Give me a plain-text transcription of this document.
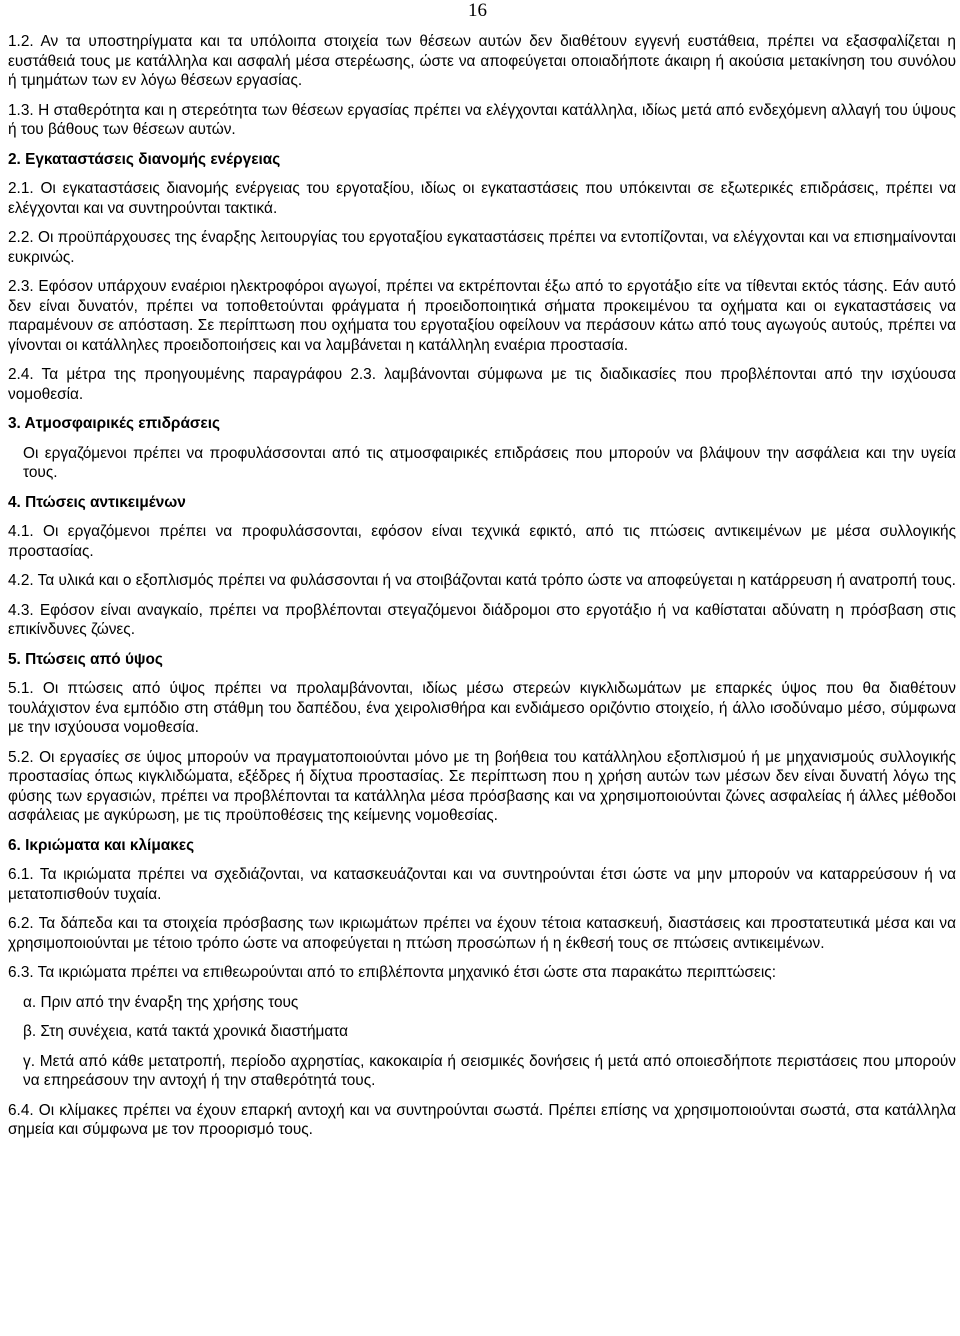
16
1.2. Αν τα υποστηρίγματα και τα υπόλοιπα στοιχεία των θέσεων αυτών δεν διαθέτουν εγγενή ευστάθεια, πρέπει να εξασφαλίζεται η ευστάθειά τους με κατάλληλα και ασφαλή μέσα στερέωσης, ώστε να αποφεύγεται οποιαδήποτε άκαιρη ή ακούσια μετακίνηση του συνόλου ή τμημάτων των εν λόγω θέσεων εργασίας.
1.3. Η σταθερότητα και η στερεότητα των θέσεων εργασίας πρέπει να ελέγχονται κατάλληλα, ιδίως μετά από ενδεχόμενη αλλαγή του ύψους ή του βάθους των θέσεων αυτών.
2. Εγκαταστάσεις διανομής ενέργειας
2.1. Οι εγκαταστάσεις διανομής ενέργειας του εργοταξίου, ιδίως οι εγκαταστάσεις που υπόκεινται σε εξωτερικές επιδράσεις, πρέπει να ελέγχονται και να συντηρούνται τακτικά.
2.2. Οι προϋπάρχουσες της έναρξης λειτουργίας του εργοταξίου εγκαταστάσεις πρέπει να εντοπίζονται, να ελέγχονται και να επισημαίνονται ευκρινώς.
2.3. Εφόσον υπάρχουν εναέριοι ηλεκτροφόροι αγωγοί, πρέπει να εκτρέπονται έξω από το εργοτάξιο είτε να τίθενται εκτός τάσης. Εάν αυτό δεν είναι δυνατόν, πρέπει να τοποθετούνται φράγματα ή προειδοποιητικά σήματα προκειμένου τα οχήματα και οι εγκαταστάσεις να παραμένουν σε απόσταση. Σε περίπτωση που οχήματα του εργοταξίου οφείλουν να περάσουν κάτω από τους αγωγούς αυτούς, πρέπει να γίνονται οι κατάλληλες προειδοποιήσεις και να λαμβάνεται η κατάλληλη εναέρια προστασία.
2.4. Τα μέτρα της προηγουμένης παραγράφου 2.3. λαμβάνονται σύμφωνα με τις διαδικασίες που προβλέπονται από την ισχύουσα νομοθεσία.
3. Ατμοσφαιρικές επιδράσεις
Οι εργαζόμενοι πρέπει να προφυλάσσονται από τις ατμοσφαιρικές επιδράσεις που μπορούν να βλάψουν την ασφάλεια και την υγεία τους.
4. Πτώσεις αντικειμένων
4.1. Οι εργαζόμενοι πρέπει να προφυλάσσονται, εφόσον είναι τεχνικά εφικτό, από τις πτώσεις αντικειμένων με μέσα συλλογικής προστασίας.
4.2. Τα υλικά και ο εξοπλισμός πρέπει να φυλάσσονται ή να στοιβάζονται κατά τρόπο ώστε να αποφεύγεται η κατάρρευση ή ανατροπή τους.
4.3. Εφόσον είναι αναγκαίο, πρέπει να προβλέπονται στεγαζόμενοι διάδρομοι στο εργοτάξιο ή να καθίσταται αδύνατη η πρόσβαση στις επικίνδυνες ζώνες.
5. Πτώσεις από ύψος
5.1. Οι πτώσεις από ύψος πρέπει να προλαμβάνονται, ιδίως μέσω στερεών κιγκλιδωμάτων με επαρκές ύψος που θα διαθέτουν τουλάχιστον ένα εμπόδιο στη στάθμη του δαπέδου, ένα χειρολισθήρα και ενδιάμεσο οριζόντιο στοιχείο, ή άλλο ισοδύναμο μέσο, σύμφωνα με την ισχύουσα νομοθεσία.
5.2. Οι εργασίες σε ύψος μπορούν να πραγματοποιούνται μόνο με τη βοήθεια του κατάλληλου εξοπλισμού ή με μηχανισμούς συλλογικής προστασίας όπως κιγκλιδώματα, εξέδρες ή δίχτυα προστασίας. Σε περίπτωση που η χρήση αυτών των μέσων δεν είναι δυνατή λόγω της φύσης των εργασιών, πρέπει να προβλέπονται τα κατάλληλα μέσα πρόσβασης και να χρησιμοποιούνται ζώνες ασφαλείας ή άλλες μέθοδοι ασφάλειας με αγκύρωση, με τις προϋποθέσεις της κείμενης νομοθεσίας.
6. Ικριώματα και κλίμακες
6.1. Τα ικριώματα πρέπει να σχεδιάζονται, να κατασκευάζονται και να συντηρούνται έτσι ώστε να μην μπορούν να καταρρεύσουν ή να μετατοπισθούν τυχαία.
6.2. Τα δάπεδα και τα στοιχεία πρόσβασης των ικριωμάτων πρέπει να έχουν τέτοια κατασκευή, διαστάσεις και προστατευτικά μέσα και να χρησιμοποιούνται με τέτοιο τρόπο ώστε να αποφεύγεται η πτώση προσώπων ή η έκθεσή τους σε πτώσεις αντικειμένων.
6.3. Τα ικριώματα πρέπει να επιθεωρούνται από το επιβλέποντα μηχανικό έτσι ώστε στα παρακάτω περιπτώσεις:
α. Πριν από την έναρξη της χρήσης τους
β. Στη συνέχεια, κατά τακτά χρονικά διαστήματα
γ. Μετά από κάθε μετατροπή, περίοδο αχρηστίας, κακοκαιρία ή σεισμικές δονήσεις ή μετά από οποιεσδήποτε περιστάσεις που μπορούν να επηρεάσουν την αντοχή ή την σταθερότητά τους.
6.4. Οι κλίμακες πρέπει να έχουν επαρκή αντοχή και να συντηρούνται σωστά. Πρέπει επίσης να χρησιμοποιούνται σωστά, στα κατάλληλα σημεία και σύμφωνα με τον προορισμό τους.
